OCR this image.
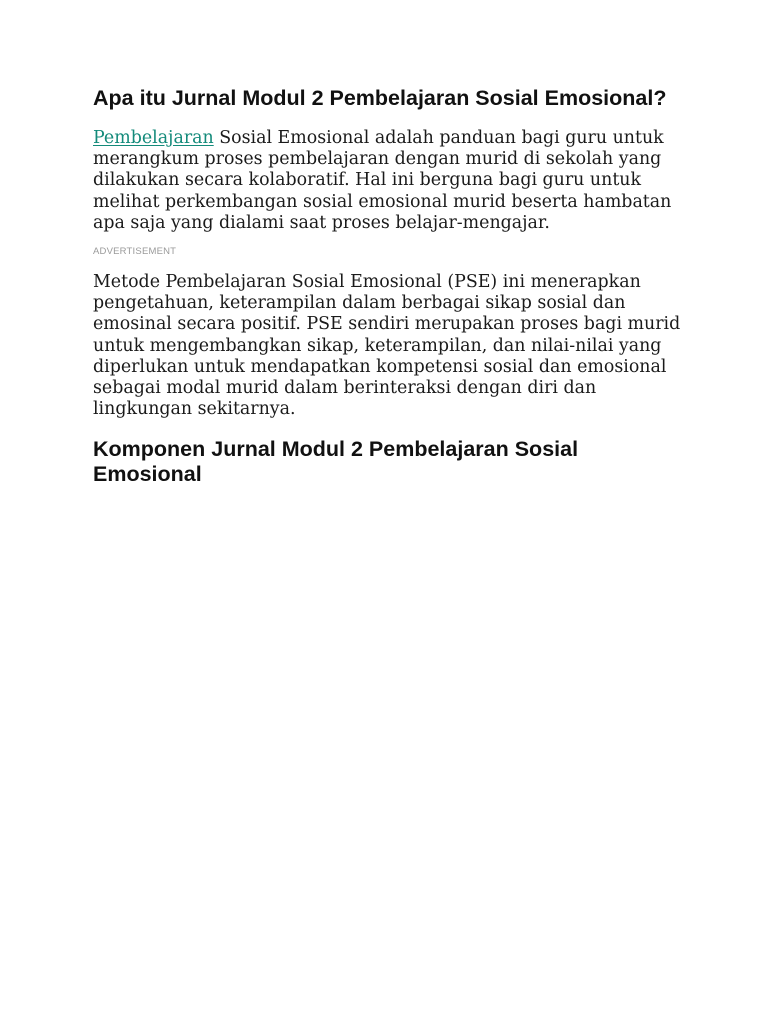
Apa itu Jurnal Modul 2 Pembelajaran Sosial Emosional?

Pembelajaran Sosial Emosional adalah panduan bagi guru untuk merangkum proses pembelajaran dengan murid di sekolah yang dilakukan secara kolaboratif. Hal ini berguna bagi guru untuk melihat perkembangan sosial emosional murid beserta hambatan apa saja yang dialami saat proses belajar-mengajar.

ADVERTISEMENT

Metode Pembelajaran Sosial Emosional (PSE) ini menerapkan pengetahuan, keterampilan dalam berbagai sikap sosial dan emosinal secara positif. PSE sendiri merupakan proses bagi murid untuk mengembangkan sikap, keterampilan, dan nilai-nilai yang diperlukan untuk mendapatkan kompetensi sosial dan emosional sebagai modal murid dalam berinteraksi dengan diri dan lingkungan sekitarnya.

Komponen Jurnal Modul 2 Pembelajaran Sosial Emosional
